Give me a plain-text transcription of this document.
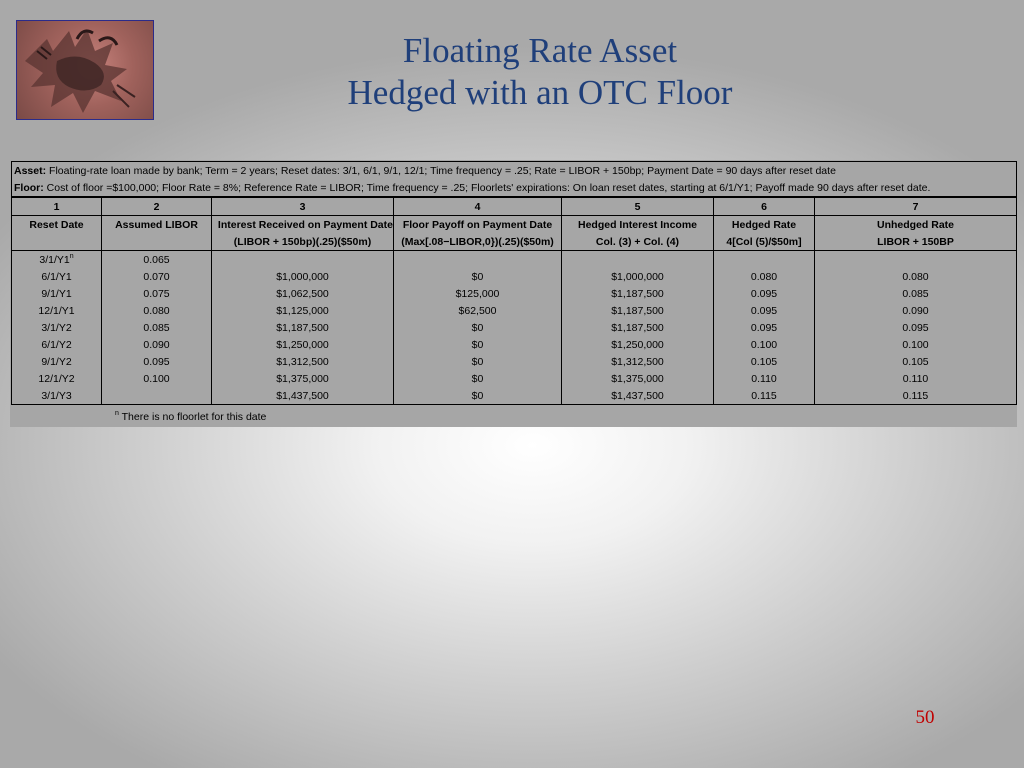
Floating Rate Asset
Hedged with an OTC Floor
Asset: Floating-rate loan made by bank; Term = 2 years; Reset dates: 3/1, 6/1, 9/1, 12/1; Time frequency = .25; Rate = LIBOR + 150bp; Payment Date = 90 days after reset date						
Floor: Cost of floor =$100,000; Floor Rate = 8%; Reference Rate = LIBOR; Time frequency = .25; Floorlets' expirations: On loan reset dates, starting at 6/1/Y1; Payoff made 90 days after reset date.						
1	2	3	4	5	6	7
Reset Date	Assumed LIBOR	Interest Received on Payment Date	Floor Payoff on Payment Date	Hedged Interest Income	Hedged Rate	Unhedged Rate
		(LIBOR + 150bp)(.25)($50m)	(Max[.08−LIBOR,0})(.25)($50m)	Col. (3) + Col. (4)	4[Col (5)/$50m]	LIBOR + 150BP
3/1/Y1$^n$	0.065					
6/1/Y1	0.070	$1,000,000	$0	$1,000,000	0.080	0.080
9/1/Y1	0.075	$1,062,500	$125,000	$1,187,500	0.095	0.085
12/1/Y1	0.080	$1,125,000	$62,500	$1,187,500	0.095	0.090
3/1/Y2	0.085	$1,187,500	$0	$1,187,500	0.095	0.095
6/1/Y2	0.090	$1,250,000	$0	$1,250,000	0.100	0.100
9/1/Y2	0.095	$1,312,500	$0	$1,312,500	0.105	0.105
12/1/Y2	0.100	$1,375,000	$0	$1,375,000	0.110	0.110
3/1/Y3		$1,437,500	$0	$1,437,500	0.115	0.115
$^n$ There is no floorlet for this date
50
